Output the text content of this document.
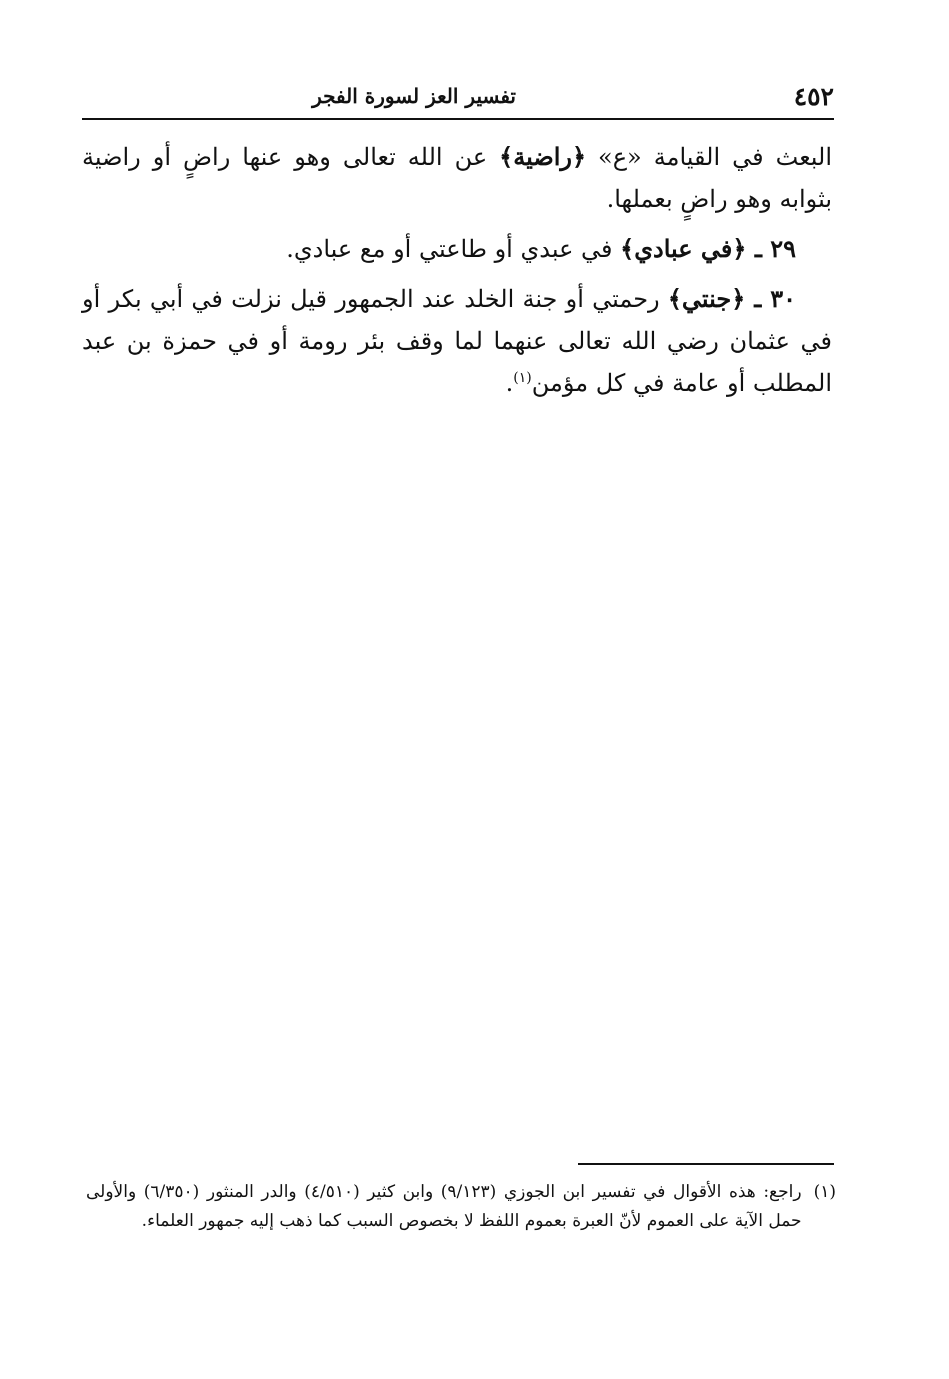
٤٥٢
تفسير العز لسورة الفجر

البعث في القيامة «ع» ﴿راضية﴾ عن الله تعالى وهو عنها راضٍ أو راضية بثوابه وهو راضٍ بعملها.

٢٩ ـ ﴿في عبادي﴾ في عبدي أو طاعتي أو مع عبادي.

٣٠ ـ ﴿جنتي﴾ رحمتي أو جنة الخلد عند الجمهور قيل نزلت في أبي بكر أو في عثمان رضي الله تعالى عنهما لما وقف بئر رومة أو في حمزة بن عبد المطلب أو عامة في كل مؤمن$^{(١)}$.

(١)
راجع: هذه الأقوال في تفسير ابن الجوزي (٩/١٢٣) وابن كثير (٤/٥١٠) والدر المنثور (٦/٣٥٠) والأولى حمل الآية على العموم لأنّ العبرة بعموم اللفظ لا بخصوص السبب كما ذهب إليه جمهور العلماء.
